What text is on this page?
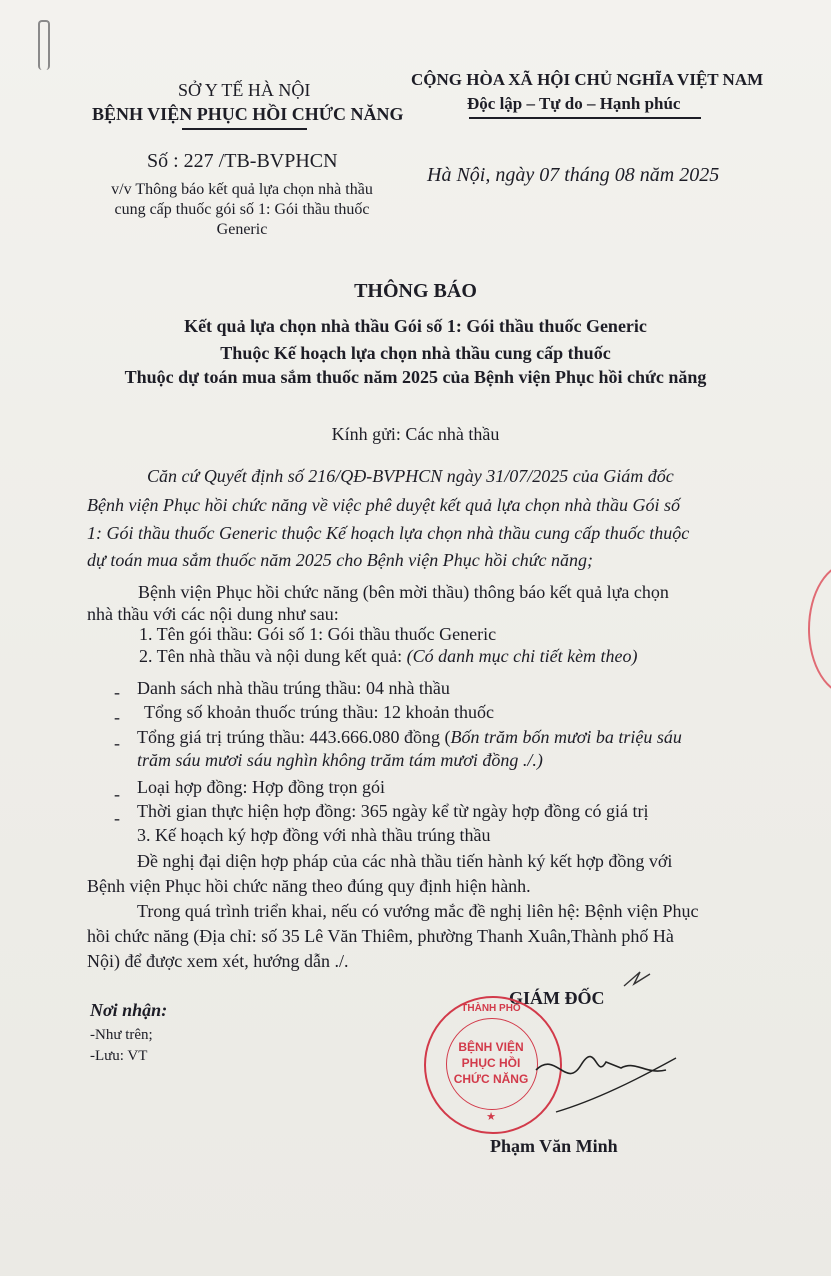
SỞ Y TẾ HÀ NỘI
BỆNH VIỆN PHỤC HỒI CHỨC NĂNG
Số : 227 /TB-BVPHCN
v/v Thông báo kết quả lựa chọn nhà thầu
cung cấp thuốc gói số 1: Gói thầu thuốc
Generic
CỘNG HÒA XÃ HỘI CHỦ NGHĨA VIỆT NAM
Độc lập – Tự do – Hạnh phúc
Hà Nội, ngày 07 tháng 08 năm 2025
THÔNG BÁO
Kết quả lựa chọn nhà thầu Gói số 1: Gói thầu thuốc Generic
Thuộc Kế hoạch lựa chọn nhà thầu cung cấp thuốc
Thuộc dự toán mua sắm thuốc năm 2025 của Bệnh viện Phục hồi chức năng
Kính gửi: Các nhà thầu
Căn cứ Quyết định số 216/QĐ-BVPHCN ngày 31/07/2025 của Giám đốc
Bệnh viện Phục hồi chức năng về việc phê duyệt kết quả lựa chọn nhà thầu Gói số
1: Gói thầu thuốc Generic thuộc Kế hoạch lựa chọn nhà thầu cung cấp thuốc thuộc
dự toán mua sắm thuốc năm 2025 cho Bệnh viện Phục hồi chức năng;
Bệnh viện Phục hồi chức năng (bên mời thầu) thông báo kết quả lựa chọn
nhà thầu với các nội dung như sau:
1. Tên gói thầu: Gói số 1: Gói thầu thuốc Generic
2. Tên nhà thầu và nội dung kết quả: (Có danh mục chi tiết kèm theo)
- Danh sách nhà thầu trúng thầu: 04 nhà thầu
- Tổng số khoản thuốc trúng thầu: 12 khoản thuốc
- Tổng giá trị trúng thầu: 443.666.080 đồng (Bốn trăm bốn mươi ba triệu sáu
trăm sáu mươi sáu nghìn không trăm tám mươi đồng ./.)
- Loại hợp đồng: Hợp đồng trọn gói
- Thời gian thực hiện hợp đồng: 365 ngày kể từ ngày hợp đồng có giá trị
3. Kế hoạch ký hợp đồng với nhà thầu trúng thầu
Đề nghị đại diện hợp pháp của các nhà thầu tiến hành ký kết hợp đồng với
Bệnh viện Phục hồi chức năng theo đúng quy định hiện hành.
Trong quá trình triển khai, nếu có vướng mắc đề nghị liên hệ: Bệnh viện Phục
hồi chức năng (Địa chỉ: số 35 Lê Văn Thiêm, phường Thanh Xuân,Thành phố Hà
Nội) để được xem xét, hướng dẫn ./.
Nơi nhận:
-Như trên;
-Lưu: VT
GIÁM ĐỐC
THÀNH PHỐ
BỆNH VIỆN
PHỤC HỒI
CHỨC NĂNG
★
Phạm Văn Minh
